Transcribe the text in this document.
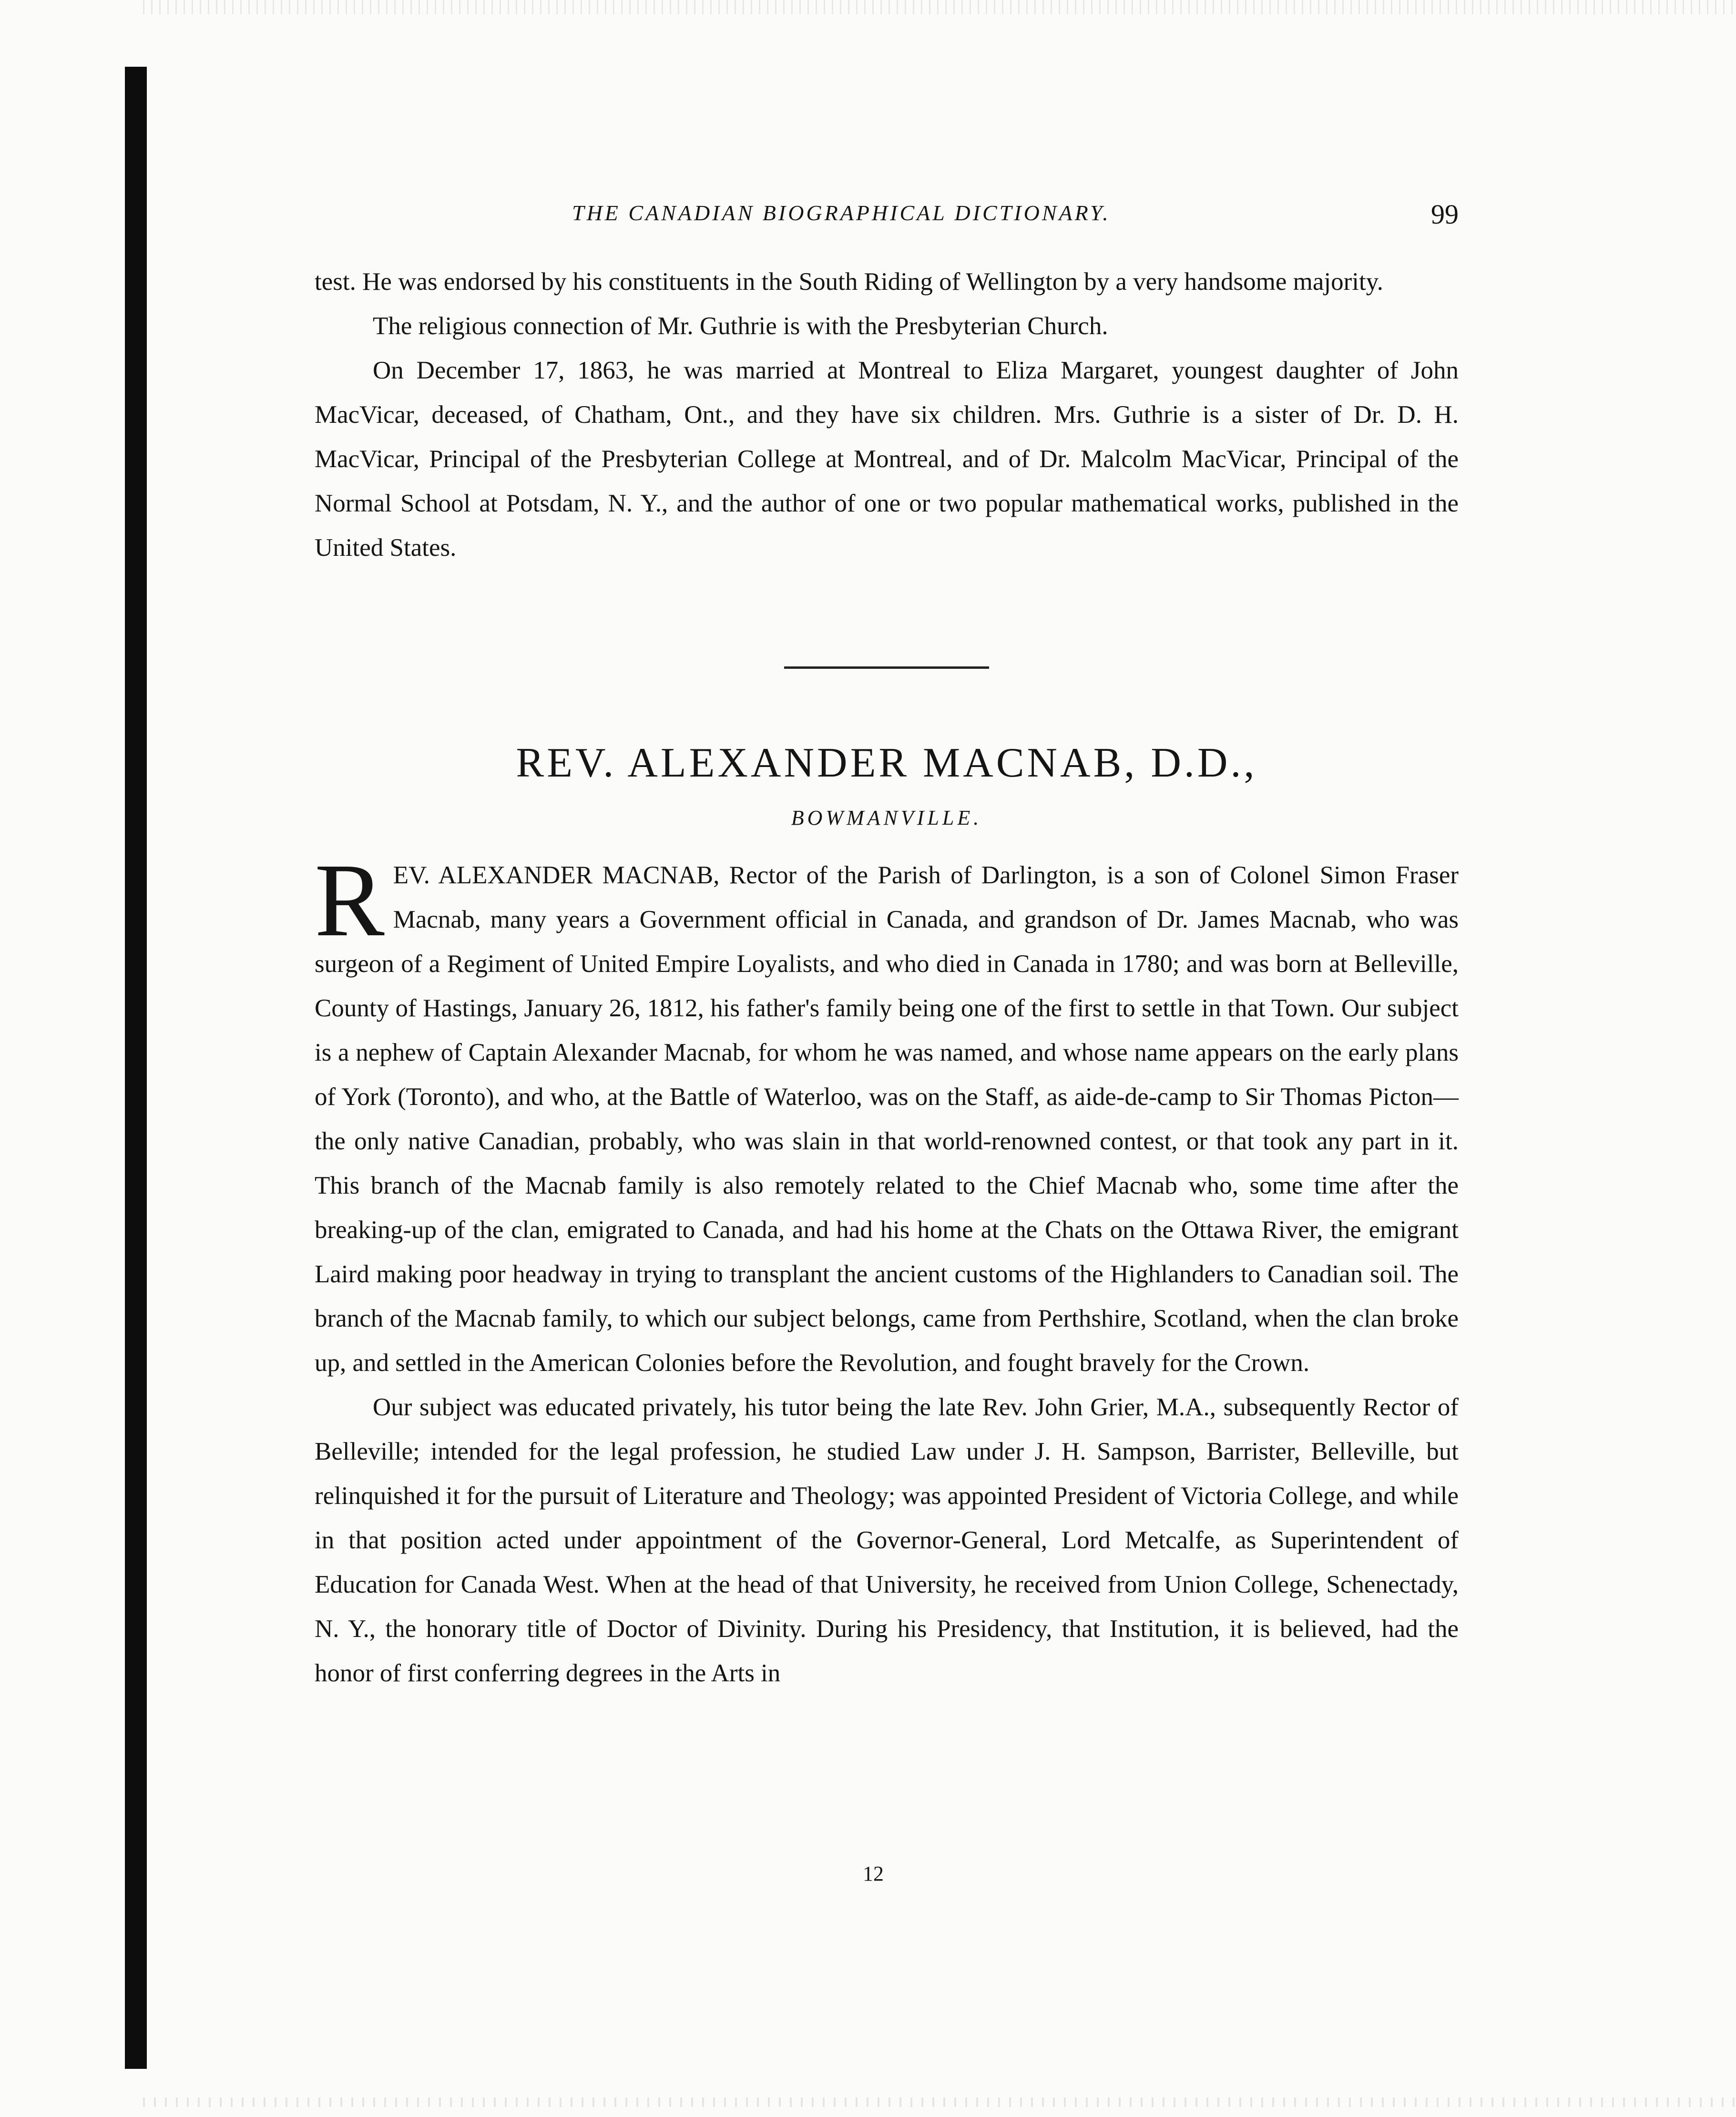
THE CANADIAN BIOGRAPHICAL DICTIONARY.	99

test. He was endorsed by his constituents in the South Riding of Wellington by a very handsome majority.

The religious connection of Mr. Guthrie is with the Presbyterian Church.

On December 17, 1863, he was married at Montreal to Eliza Margaret, youngest daughter of John MacVicar, deceased, of Chatham, Ont., and they have six children. Mrs. Guthrie is a sister of Dr. D. H. MacVicar, Principal of the Presbyterian College at Montreal, and of Dr. Malcolm MacVicar, Principal of the Normal School at Potsdam, N. Y., and the author of one or two popular mathematical works, published in the United States.

REV. ALEXANDER MACNAB, D.D.,
BOWMANVILLE.

REV. ALEXANDER MACNAB, Rector of the Parish of Darlington, is a son of Colonel Simon Fraser Macnab, many years a Government official in Canada, and grandson of Dr. James Macnab, who was surgeon of a Regiment of United Empire Loyalists, and who died in Canada in 1780; and was born at Belleville, County of Hastings, January 26, 1812, his father's family being one of the first to settle in that Town. Our subject is a nephew of Captain Alexander Macnab, for whom he was named, and whose name appears on the early plans of York (Toronto), and who, at the Battle of Waterloo, was on the Staff, as aide-de-camp to Sir Thomas Picton—the only native Canadian, probably, who was slain in that world-renowned contest, or that took any part in it. This branch of the Macnab family is also remotely related to the Chief Macnab who, some time after the breaking-up of the clan, emigrated to Canada, and had his home at the Chats on the Ottawa River, the emigrant Laird making poor headway in trying to transplant the ancient customs of the Highlanders to Canadian soil. The branch of the Macnab family, to which our subject belongs, came from Perthshire, Scotland, when the clan broke up, and settled in the American Colonies before the Revolution, and fought bravely for the Crown.

Our subject was educated privately, his tutor being the late Rev. John Grier, M.A., subsequently Rector of Belleville; intended for the legal profession, he studied Law under J. H. Sampson, Barrister, Belleville, but relinquished it for the pursuit of Literature and Theology; was appointed President of Victoria College, and while in that position acted under appointment of the Governor-General, Lord Metcalfe, as Superintendent of Education for Canada West. When at the head of that University, he received from Union College, Schenectady, N. Y., the honorary title of Doctor of Divinity. During his Presidency, that Institution, it is believed, had the honor of first conferring degrees in the Arts in

12
